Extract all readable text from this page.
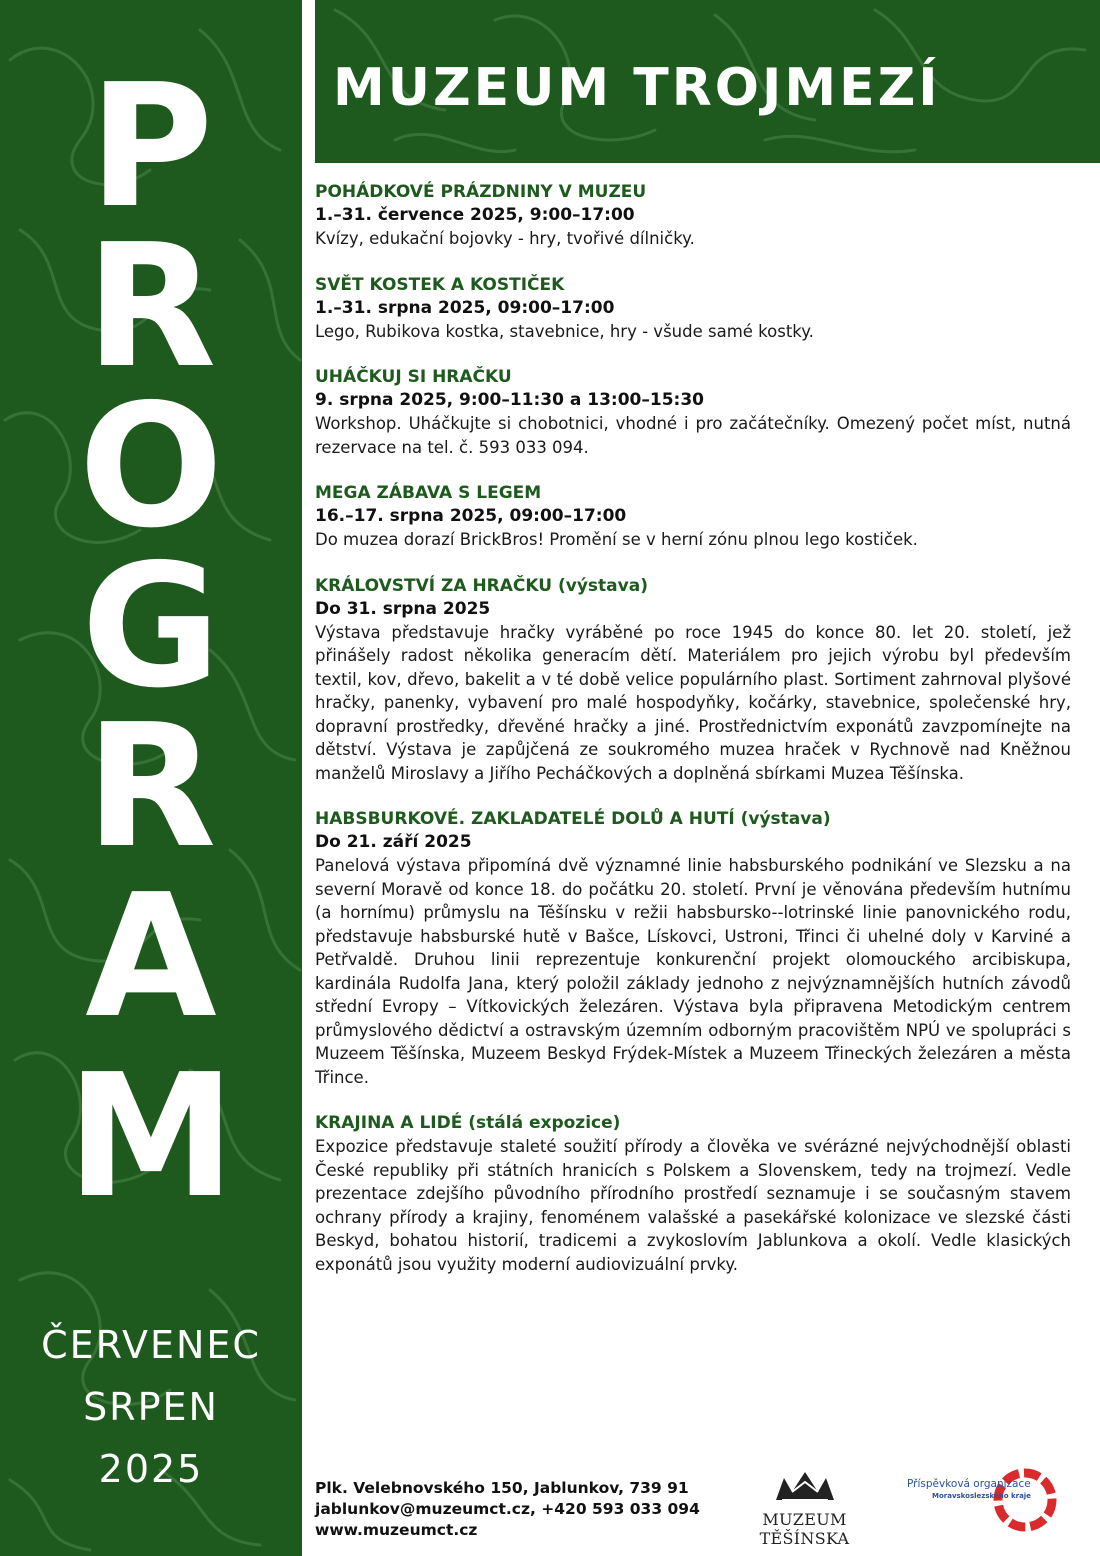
P
R
O
G
R
A
M
ČERVENEC
SRPEN
2025
MUZEUM TROJMEZÍ
POHÁDKOVÉ PRÁZDNINY V MUZEU
1.–31. července 2025, 9:00–17:00
Kvízy, edukační bojovky - hry, tvořivé dílničky.
SVĚT KOSTEK A KOSTIČEK
1.–31. srpna 2025, 09:00–17:00
Lego, Rubikova kostka, stavebnice, hry - všude samé kostky.
UHÁČKUJ SI HRAČKU
9. srpna 2025, 9:00–11:30 a 13:00–15:30
Workshop. Uháčkujte si chobotnici, vhodné i pro začátečníky. Omezený počet míst, nutná rezervace na tel. č. 593 033 094.
MEGA ZÁBAVA S LEGEM
16.–17. srpna 2025, 09:00–17:00
Do muzea dorazí BrickBros! Promění se v herní zónu plnou lego kostiček.
KRÁLOVSTVÍ ZA HRAČKU (výstava)
Do 31. srpna 2025
Výstava představuje hračky vyráběné po roce 1945 do konce 80. let 20. století, jež přinášely radost několika generacím dětí. Materiálem pro jejich výrobu byl především textil, kov, dřevo, bakelit a v té době velice populárního plast. Sortiment zahrnoval plyšové hračky, panenky, vybavení pro malé hospodyňky, kočárky, stavebnice, společenské hry, dopravní prostředky, dřevěné hračky a jiné. Prostřednictvím exponátů zavzpomínejte na dětství. Výstava je zapůjčená ze soukromého muzea hraček v Rychnově nad Kněžnou manželů Miroslavy a Jiřího Pecháčkových a doplněná sbírkami Muzea Těšínska.
HABSBURKOVÉ. ZAKLADATELÉ DOLŮ A HUTÍ (výstava)
Do 21. září 2025
Panelová výstava připomíná dvě významné linie habsburského podnikání ve Slezsku a na severní Moravě od konce 18. do počátku 20. století. První je věnována především hutnímu (a hornímu) průmyslu na Těšínsku v režii habsbursko--lotrinské linie panovnického rodu, představuje habsburské hutě v Bašce, Lískovci, Ustroni, Třinci či uhelné doly v Karviné a Petřvaldě. Druhou linii reprezentuje konkurenční projekt olomouckého arcibiskupa, kardinála Rudolfa Jana, který položil základy jednoho z nejvýznamnějších hutních závodů střední Evropy – Vítkovických železáren. Výstava byla připravena Metodickým centrem průmyslového dědictví a ostravským územním odborným pracovištěm NPÚ ve spolupráci s Muzeem Těšínska, Muzeem Beskyd Frýdek-Místek a Muzeem Třineckých železáren a města Třince.
KRAJINA A LIDÉ (stálá expozice)
Expozice představuje staleté soužití přírody a člověka ve svérázné nejvýchodnější oblasti České republiky při státních hranicích s Polskem a Slovenskem, tedy na trojmezí. Vedle prezentace zdejšího původního přírodního prostředí seznamuje i se současným stavem ochrany přírody a krajiny, fenoménem valašské a pasekářské kolonizace ve slezské části Beskyd, bohatou historií, tradicemi a zvykoslovím Jablunkova a okolí. Vedle klasických exponátů jsou využity moderní audiovizuální prvky.
Plk. Velebnovského 150, Jablunkov, 739 91
jablunkov@muzeumct.cz, +420 593 033 094
www.muzeumct.cz
MUZEUM TĚŠÍNSKA
Příspěvková organizace
Moravskoslezského kraje
